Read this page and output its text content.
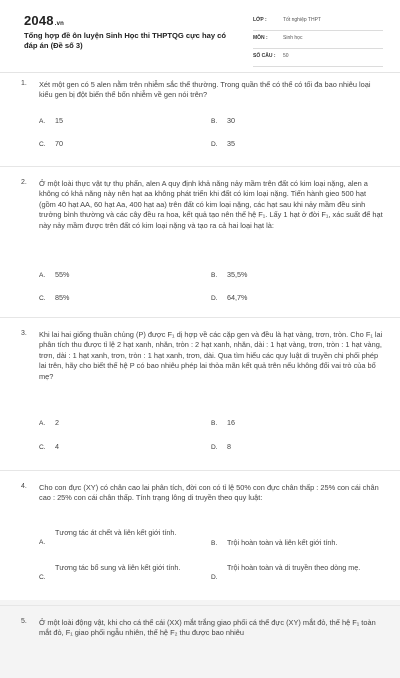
2048.vn
Tổng hợp đề ôn luyện Sinh Học thi THPTQG cực hay có đáp án (Đề số 3)
LỚP :	Tốt nghiệp THPT
MÔN :	Sinh học
SỐ CÂU : 50
1. Xét một gen có 5 alen nằm trên nhiễm sắc thể thường. Trong quần thể có thể có tối đa bao nhiêu loại kiểu gen bị đột biến thể bốn nhiễm về gen nói trên?
A. 15	B. 30
C. 70	D. 35
2. Ở một loài thực vật tự thụ phấn, alen A quy định khả năng nảy mầm trên đất có kim loại nặng, alen a không có khả năng này nên hạt aa không phát triển khi đất có kim loại nặng. Tiến hành gieo 500 hạt (gồm 40 hạt AA, 60 hạt Aa, 400 hạt aa) trên đất có kim loại nặng, các hạt sau khi nảy mầm đều sinh trưởng bình thường và các cây đều ra hoa, kết quả tạo nên thế hệ F₁. Lấy 1 hạt ở đời F₁, xác suất để hạt này nảy mầm được trên đất có kim loại nặng và tạo ra cả hai loại hạt là:
A. 55%	B. 35,5%
C. 85%	D. 64,7%
3. Khi lai hai giống thuần chủng (P) được F₁ dị hợp về các cặp gen và đều là hạt vàng, trơn, tròn. Cho F₁ lai phân tích thu được tỉ lệ 2 hạt xanh, nhăn, tròn : 2 hạt xanh, nhăn, dài : 1 hạt vàng, trơn, tròn : 1 hạt vàng, trơn, dài : 1 hạt xanh, trơn, tròn : 1 hạt xanh, trơn, dài. Qua tìm hiểu các quy luật di truyền chi phối phép lai trên, hãy cho biết thế hệ P có bao nhiêu phép lai thỏa mãn kết quả trên nếu không đổi vai trò của bố mẹ?
A. 2	B. 16
C. 4	D. 8
4. Cho con đực (XY) có chân cao lai phân tích, đời con có tỉ lệ 50% con đực chân thấp : 25% con cái chân cao : 25% con cái chân thấp. Tính trạng lông di truyền theo quy luật:
A.
Tương tác át chết và liên kết giới tính.
B. Trội hoàn toàn và liên kết giới tính.
C.
Tương tác bổ sung và liên kết giới tính.
D.
Trội hoàn toàn và di truyền theo dòng mẹ.
5. Ở một loài động vật, khi cho cá thể cái (XX) mắt trắng giao phối cá thể đực (XY) mắt đỏ, thế hệ F₁ toàn mắt đỏ, F₁ giao phối ngẫu nhiên, thế hệ F₂ thu được bao nhiêu
